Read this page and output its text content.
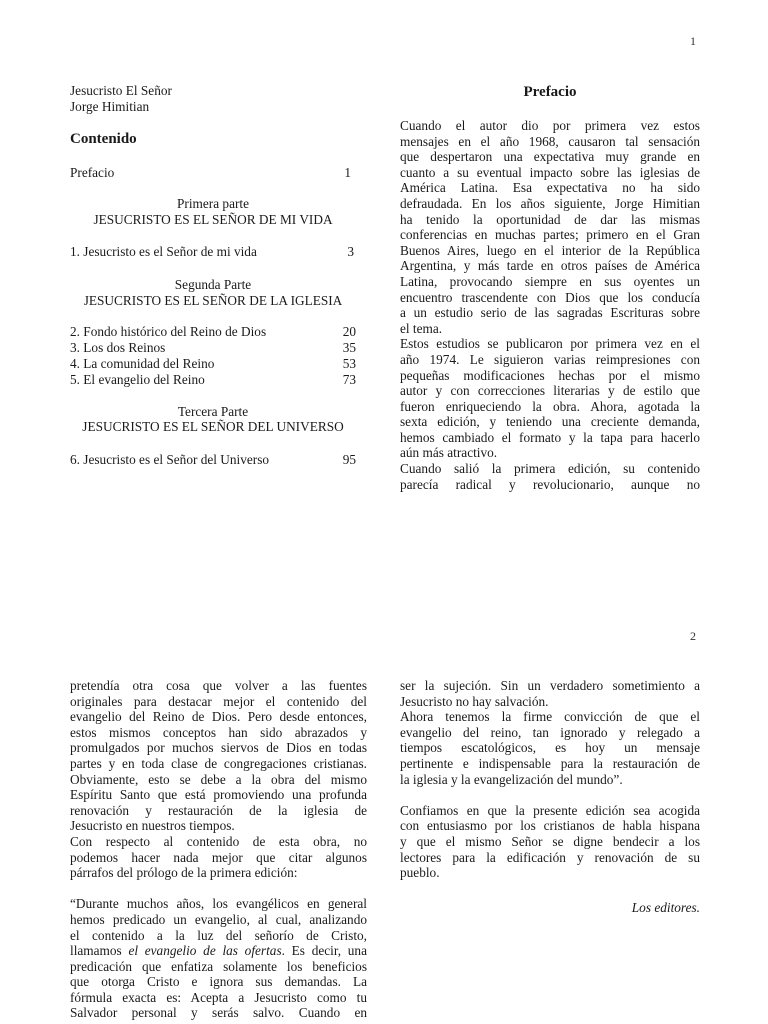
1
Jesucristo El Señor
Jorge Himitian
Contenido
Prefacio	1
Primera parte
JESUCRISTO ES EL SEÑOR DE MI VIDA
1. Jesucristo es el Señor de mi vida	3
Segunda Parte
JESUCRISTO ES EL SEÑOR DE LA IGLESIA
2. Fondo histórico del Reino de Dios	20
3. Los dos Reinos	35
4. La comunidad del Reino	53
5. El evangelio del Reino	73
Tercera Parte
JESUCRISTO ES EL SEÑOR DEL UNIVERSO
6. Jesucristo es el Señor del Universo	95
Prefacio
Cuando el autor dio por primera vez estos
mensajes en el año 1968, causaron tal sensación
que despertaron una expectativa muy grande en
cuanto a su eventual impacto sobre las iglesias de
América Latina. Esa expectativa no ha sido
defraudada. En los años siguiente, Jorge Himitian
ha tenido la oportunidad de dar las mismas
conferencias en muchas partes; primero en el Gran
Buenos Aires, luego en el interior de la República
Argentina, y más tarde en otros países de América
Latina, provocando siempre en sus oyentes un
encuentro trascendente con Dios que los conducía
a un estudio serio de las sagradas Escrituras sobre
el tema.
Estos estudios se publicaron por primera vez en el
año 1974. Le siguieron varias reimpresiones con
pequeñas modificaciones hechas por el mismo
autor y con correcciones literarias y de estilo que
fueron enriqueciendo la obra. Ahora, agotada la
sexta edición, y teniendo una creciente demanda,
hemos cambiado el formato y la tapa para hacerlo
aún más atractivo.
Cuando salió la primera edición, su contenido
parecía radical y revolucionario, aunque no
2
pretendía otra cosa que volver a las fuentes
originales para destacar mejor el contenido del
evangelio del Reino de Dios. Pero desde entonces,
estos mismos conceptos han sido abrazados y
promulgados por muchos siervos de Dios en todas
partes y en toda clase de congregaciones cristianas.
Obviamente, esto se debe a la obra del mismo
Espíritu Santo que está promoviendo una profunda
renovación y restauración de la iglesia de
Jesucristo en nuestros tiempos.
Con respecto al contenido de esta obra, no
podemos hacer nada mejor que citar algunos
párrafos del prólogo de la primera edición:
“Durante muchos años, los evangélicos en general
hemos predicado un evangelio, al cual, analizando
el contenido a la luz del señorío de Cristo,
llamamos el evangelio de las ofertas. Es decir, una
predicación que enfatiza solamente los beneficios
que otorga Cristo e ignora sus demandas. La
fórmula exacta es: Acepta a Jesucristo como tu
Salvador personal y serás salvo. Cuando en
ser la sujeción. Sin un verdadero sometimiento a
Jesucristo no hay salvación.
Ahora tenemos la firme convicción de que el
evangelio del reino, tan ignorado y relegado a
tiempos escatológicos, es hoy un mensaje
pertinente e indispensable para la restauración de
la iglesia y la evangelización del mundo”.
Confiamos en que la presente edición sea acogida
con entusiasmo por los cristianos de habla hispana
y que el mismo Señor se digne bendecir a los
lectores para la edificación y renovación de su
pueblo.
Los editores.
